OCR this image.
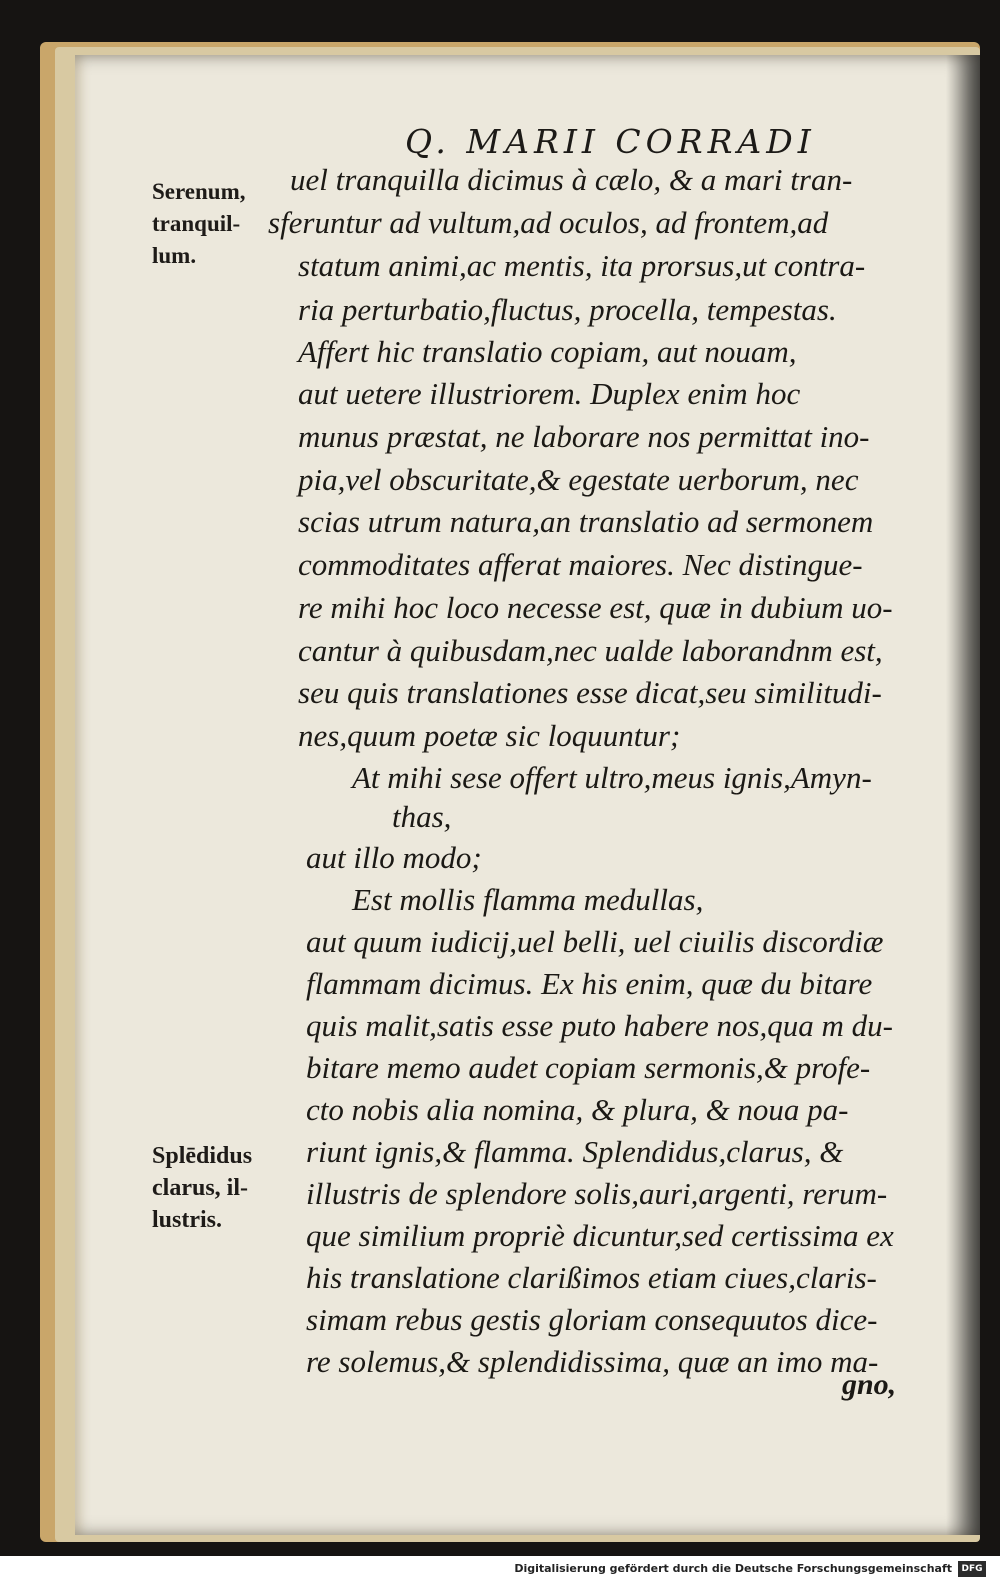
Q. MARII CORRADI
Serenum,
tranquil-
lum.
Splēdidus
clarus, il-
lustris.
uel tranquilla dicimus à cælo, & a mari tran-
sferuntur ad vultum,ad oculos, ad frontem,ad
statum animi,ac mentis, ita prorsus,ut contra-
ria perturbatio,fluctus, procella, tempestas.
Affert hic translatio copiam, aut nouam,
aut uetere illustriorem. Duplex enim hoc
munus præstat, ne laborare nos permittat ino-
pia,vel obscuritate,& egestate uerborum, nec
scias utrum natura,an translatio ad sermonem
commoditates afferat maiores. Nec distingue-
re mihi hoc loco necesse est, quæ in dubium uo-
cantur à quibusdam,nec ualde laborandnm est,
seu quis translationes esse dicat,seu similitudi-
nes,quum poetæ sic loquuntur;
At mihi sese offert ultro,meus ignis,Amyn-
thas,
aut illo modo;
Est mollis flamma medullas,
aut quum iudicij,uel belli, uel ciuilis discordiæ
flammam dicimus. Ex his enim, quæ du bitare
quis malit,satis esse puto habere nos,qua m du-
bitare memo audet copiam sermonis,& profe-
cto nobis alia nomina, & plura, & noua pa-
riunt ignis,& flamma. Splendidus,clarus, &
illustris de splendore solis,auri,argenti, rerum-
que similium propriè dicuntur,sed certissima ex
his translatione clarißimos etiam ciues,claris-
simam rebus gestis gloriam consequutos dice-
re solemus,& splendidissima, quæ an imo ma-
gno,
Digitalisierung gefördert durch die Deutsche Forschungsgemeinschaft	DFG
